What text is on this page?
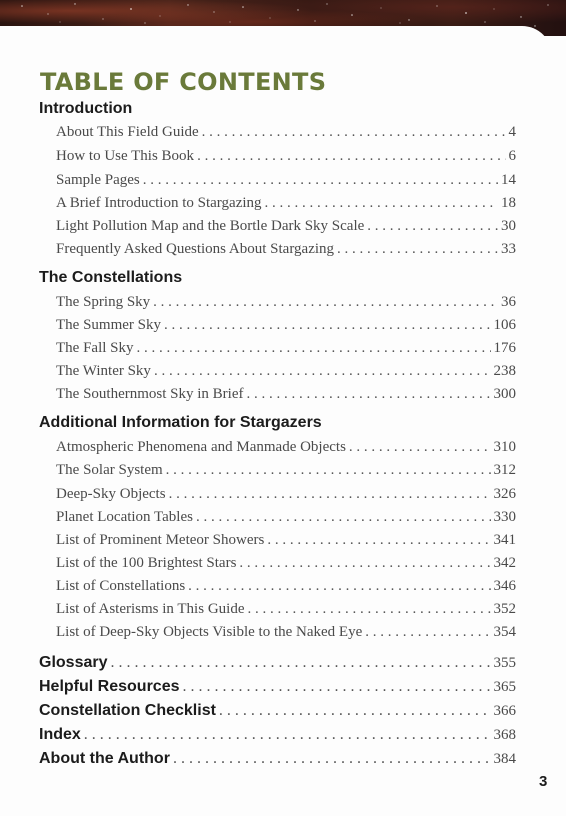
TABLE OF CONTENTS
Introduction
About This Field Guide . . .	4
How to Use This Book . . .	6
Sample Pages . . .	14
A Brief Introduction to Stargazing . . .	18
Light Pollution Map and the Bortle Dark Sky Scale . . .	30
Frequently Asked Questions About Stargazing . . .	33
The Constellations
The Spring Sky . . .	36
The Summer Sky . . .	106
The Fall Sky . . .	176
The Winter Sky . . .	238
The Southernmost Sky in Brief . . .	300
Additional Information for Stargazers
Atmospheric Phenomena and Manmade Objects . . .	310
The Solar System . . .	312
Deep-Sky Objects . . .	326
Planet Location Tables . . .	330
List of Prominent Meteor Showers . . .	341
List of the 100 Brightest Stars . . .	342
List of Constellations . . .	346
List of Asterisms in This Guide . . .	352
List of Deep-Sky Objects Visible to the Naked Eye . . .	354
Glossary . . .	355
Helpful Resources . . .	365
Constellation Checklist . . .	366
Index . . .	368
About the Author . . .	384
3
